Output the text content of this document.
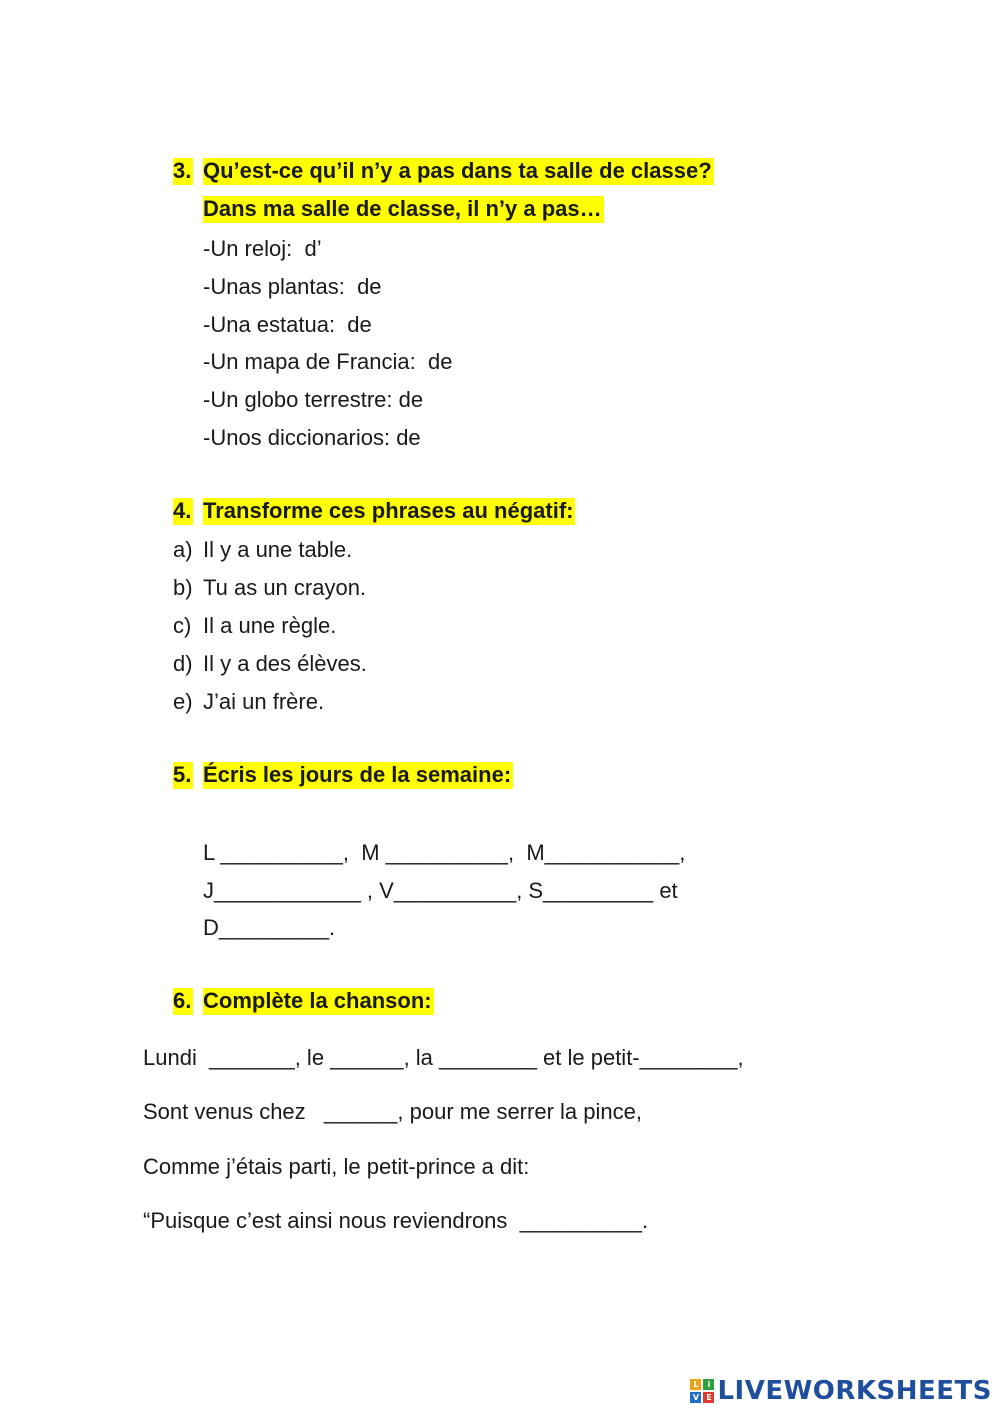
3. Qu’est-ce qu’il n’y a pas dans ta salle de classe?
Dans ma salle de classe, il n’y a pas…
-Un reloj:  d’
-Unas plantas:  de
-Una estatua:  de
-Un mapa de Francia:  de
-Un globo terrestre: de
-Unos diccionarios: de
4. Transforme ces phrases au négatif:
a) Il y a une table.
b) Tu as un crayon.
c) Il a une règle.
d) Il y a des élèves.
e) J’ai un frère.
5. Écris les jours de la semaine:
L __________,  M __________,  M___________,
J____________ , V__________, S_________ et
D_________.
6. Complète la chanson:
Lundi  _______, le ______, la ________ et le petit-________,
Sont venus chez   ______, pour me serrer la pince,
Comme j’étais parti, le petit-prince a dit:
“Puisque c’est ainsi nous reviendrons  __________.
L	i
V E LIVEWORKSHEETS
